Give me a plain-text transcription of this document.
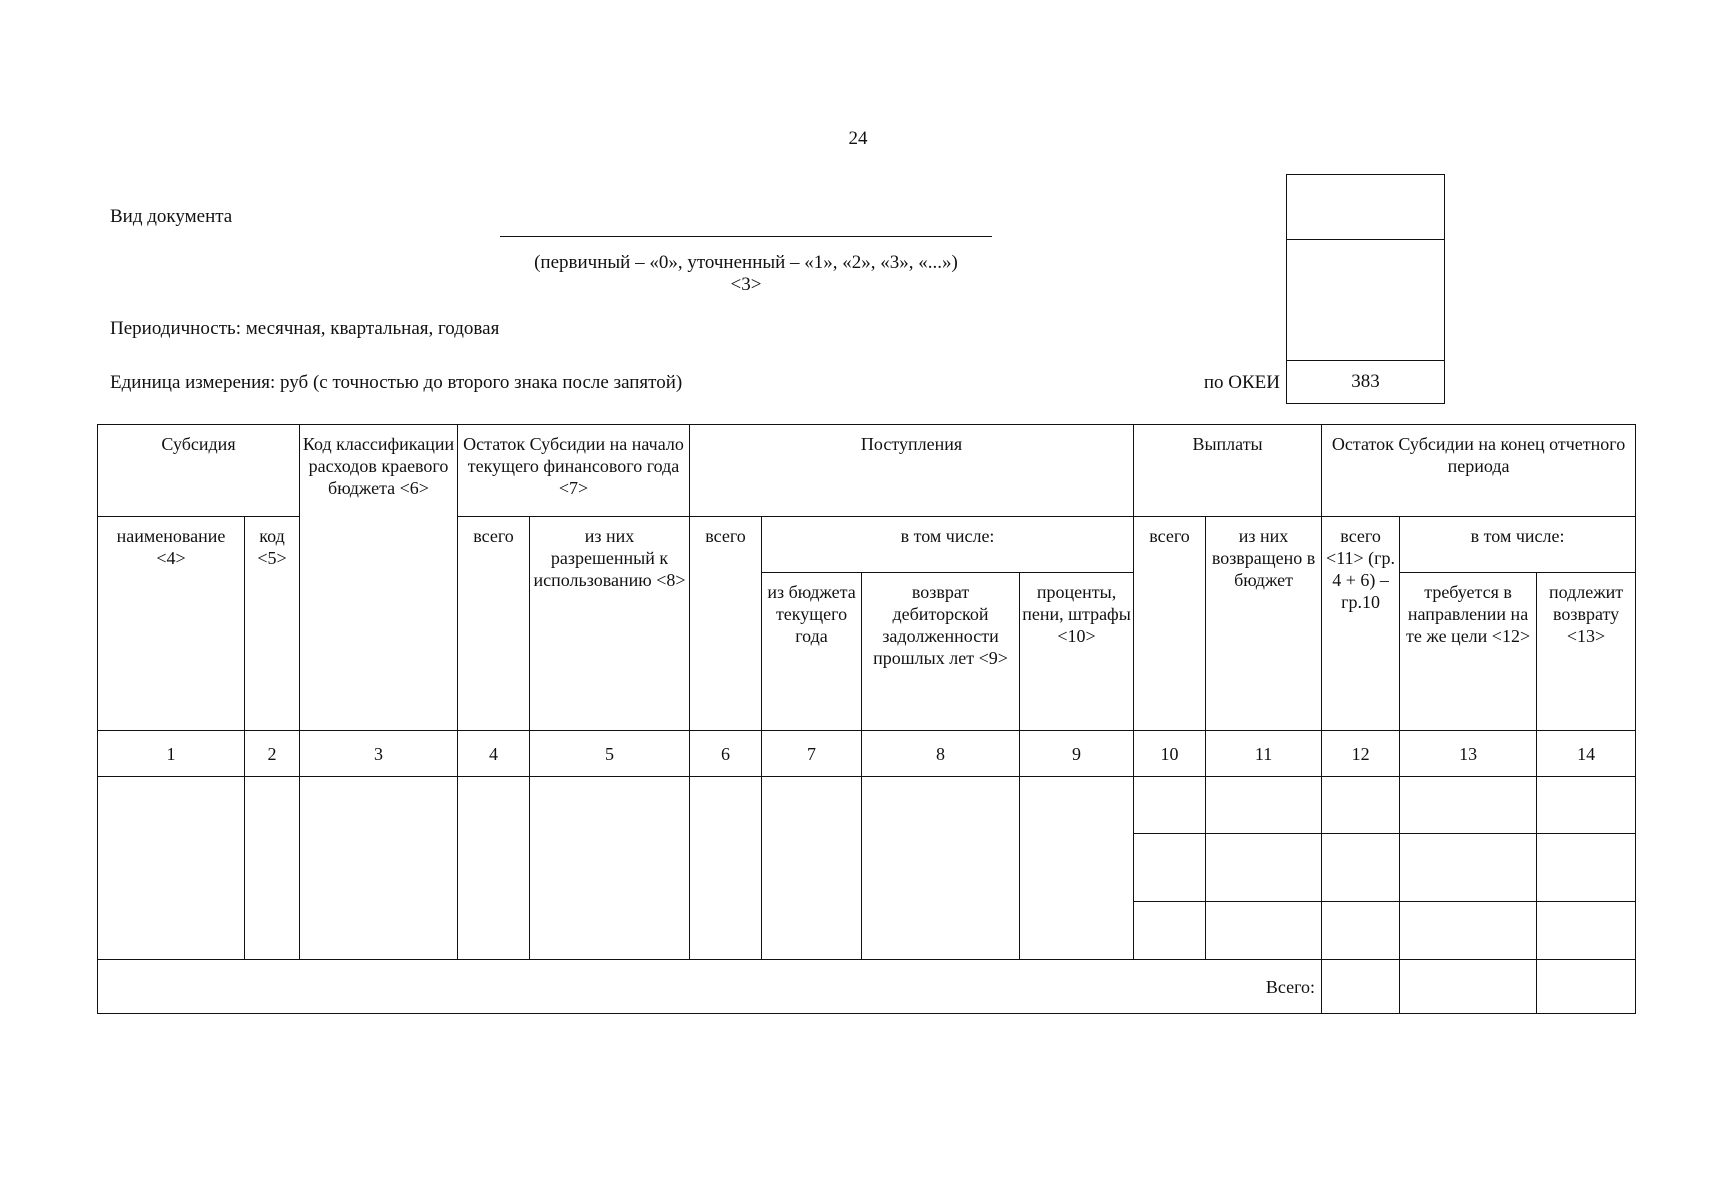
24
Вид документа
(первичный – «0», уточненный – «1», «2», «3», «...»)
<3>
Периодичность: месячная, квартальная, годовая
Единица измерения: руб (с точностью до второго знака после запятой)	по ОКЕИ	383
Субсидия		Код классификации расходов краевого бюджета <6>	Остаток Субсидии на начало текущего финансового года <7>		Поступления				Выплаты		Остаток Субсидии на конец отчетного периода		
наименование <4>	код <5>		всего	из них разрешенный к использованию <8>	всего	в том числе:			всего	из них возвращено в бюджет	всего <11> (гр. 4 + 6) – гр.10	в том числе:	
						из бюджета текущего года	возврат дебиторской задолженности прошлых лет <9>	проценты, пени, штрафы <10>				требуется в направлении на те же цели <12>	подлежит возврату <13>
1	2	3	4	5	6	7	8	9	10	11	12	13	14

Всего:													
